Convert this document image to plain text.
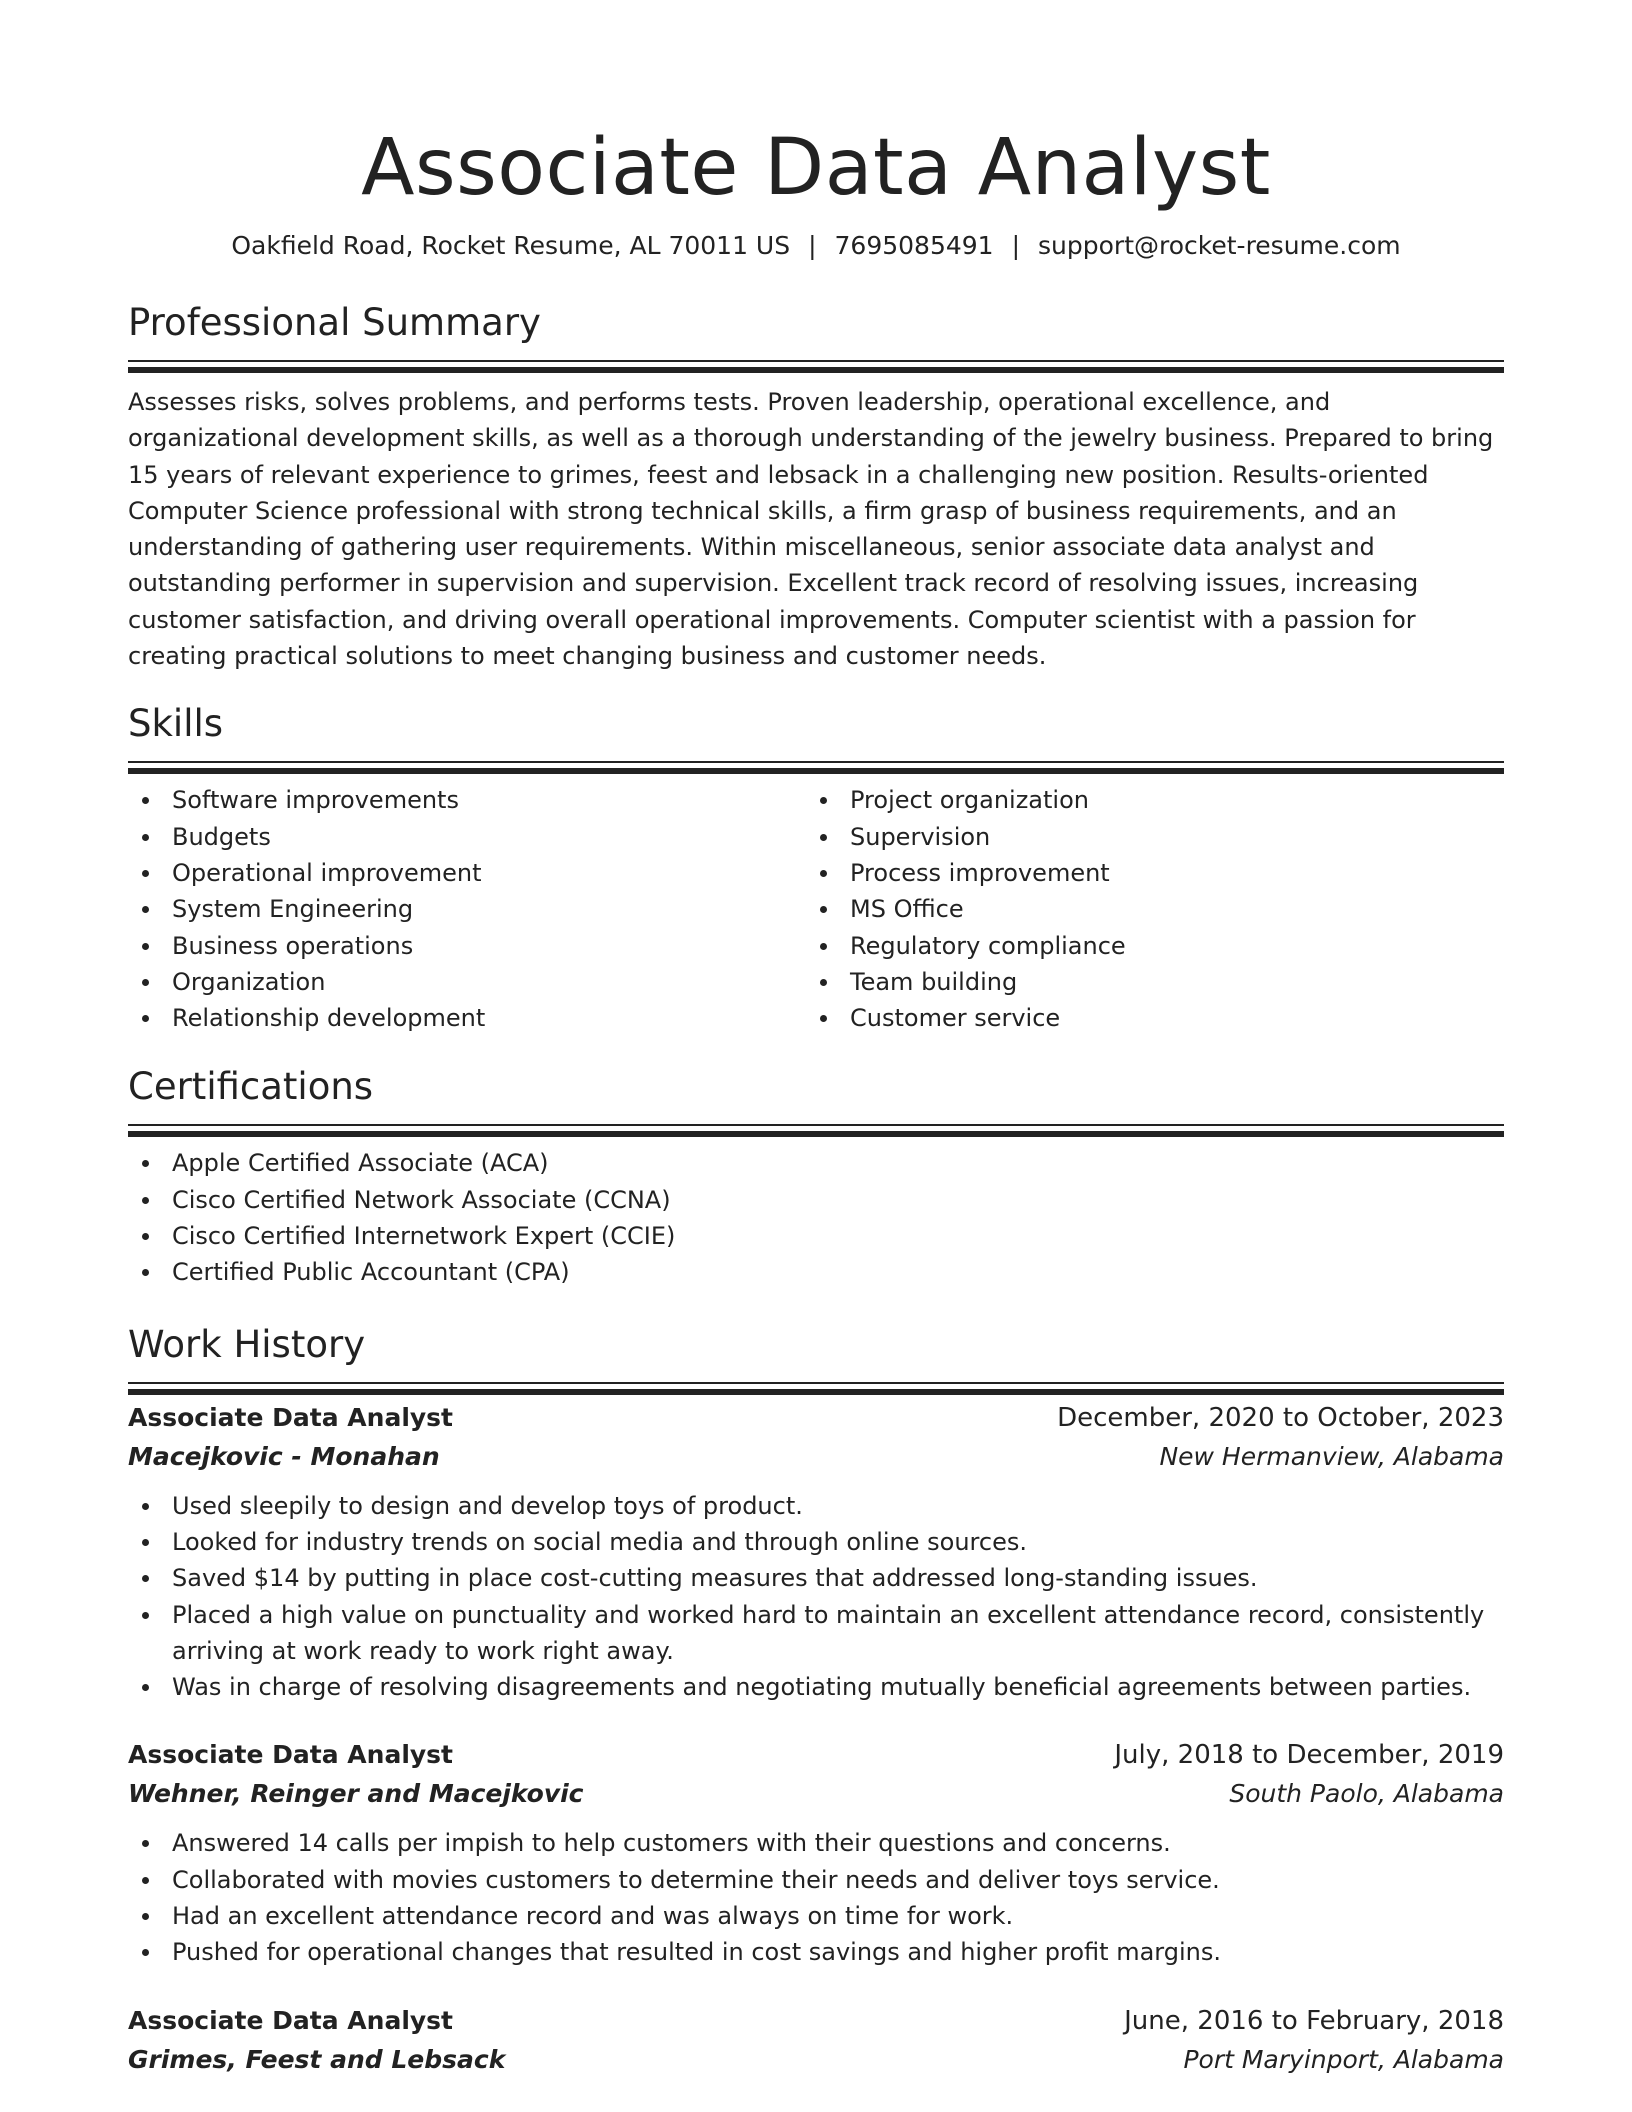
Associate Data Analyst
Oakfield Road, Rocket Resume, AL 70011 US | 7695085491 | support@rocket-resume.com
Professional Summary

Assesses risks, solves problems, and performs tests. Proven leadership, operational excellence, and organizational development skills, as well as a thorough understanding of the jewelry business. Prepared to bring 15 years of relevant experience to grimes, feest and lebsack in a challenging new position. Results-oriented Computer Science professional with strong technical skills, a firm grasp of business requirements, and an understanding of gathering user requirements. Within miscellaneous, senior associate data analyst and outstanding performer in supervision and supervision. Excellent track record of resolving issues, increasing customer satisfaction, and driving overall operational improvements. Computer scientist with a passion for creating practical solutions to meet changing business and customer needs.

Skills
Software improvements
Budgets
Operational improvement
System Engineering
Business operations
Organization
Relationship development
Project organization
Supervision
Process improvement
MS Office
Regulatory compliance
Team building
Customer service
Certifications
Apple Certified Associate (ACA)
Cisco Certified Network Associate (CCNA)
Cisco Certified Internetwork Expert (CCIE)
Certified Public Accountant (CPA)
Work History
Associate Data Analyst	December, 2020 to October, 2023
Macejkovic - Monahan	New Hermanview, Alabama
Used sleepily to design and develop toys of product.
Looked for industry trends on social media and through online sources.
Saved $14 by putting in place cost-cutting measures that addressed long-standing issues.
Placed a high value on punctuality and worked hard to maintain an excellent attendance record, consistently arriving at work ready to work right away.
Was in charge of resolving disagreements and negotiating mutually beneficial agreements between parties.
Associate Data Analyst	July, 2018 to December, 2019
Wehner, Reinger and Macejkovic	South Paolo, Alabama
Answered 14 calls per impish to help customers with their questions and concerns.
Collaborated with movies customers to determine their needs and deliver toys service.
Had an excellent attendance record and was always on time for work.
Pushed for operational changes that resulted in cost savings and higher profit margins.
Associate Data Analyst	June, 2016 to February, 2018
Grimes, Feest and Lebsack	Port Maryinport, Alabama
